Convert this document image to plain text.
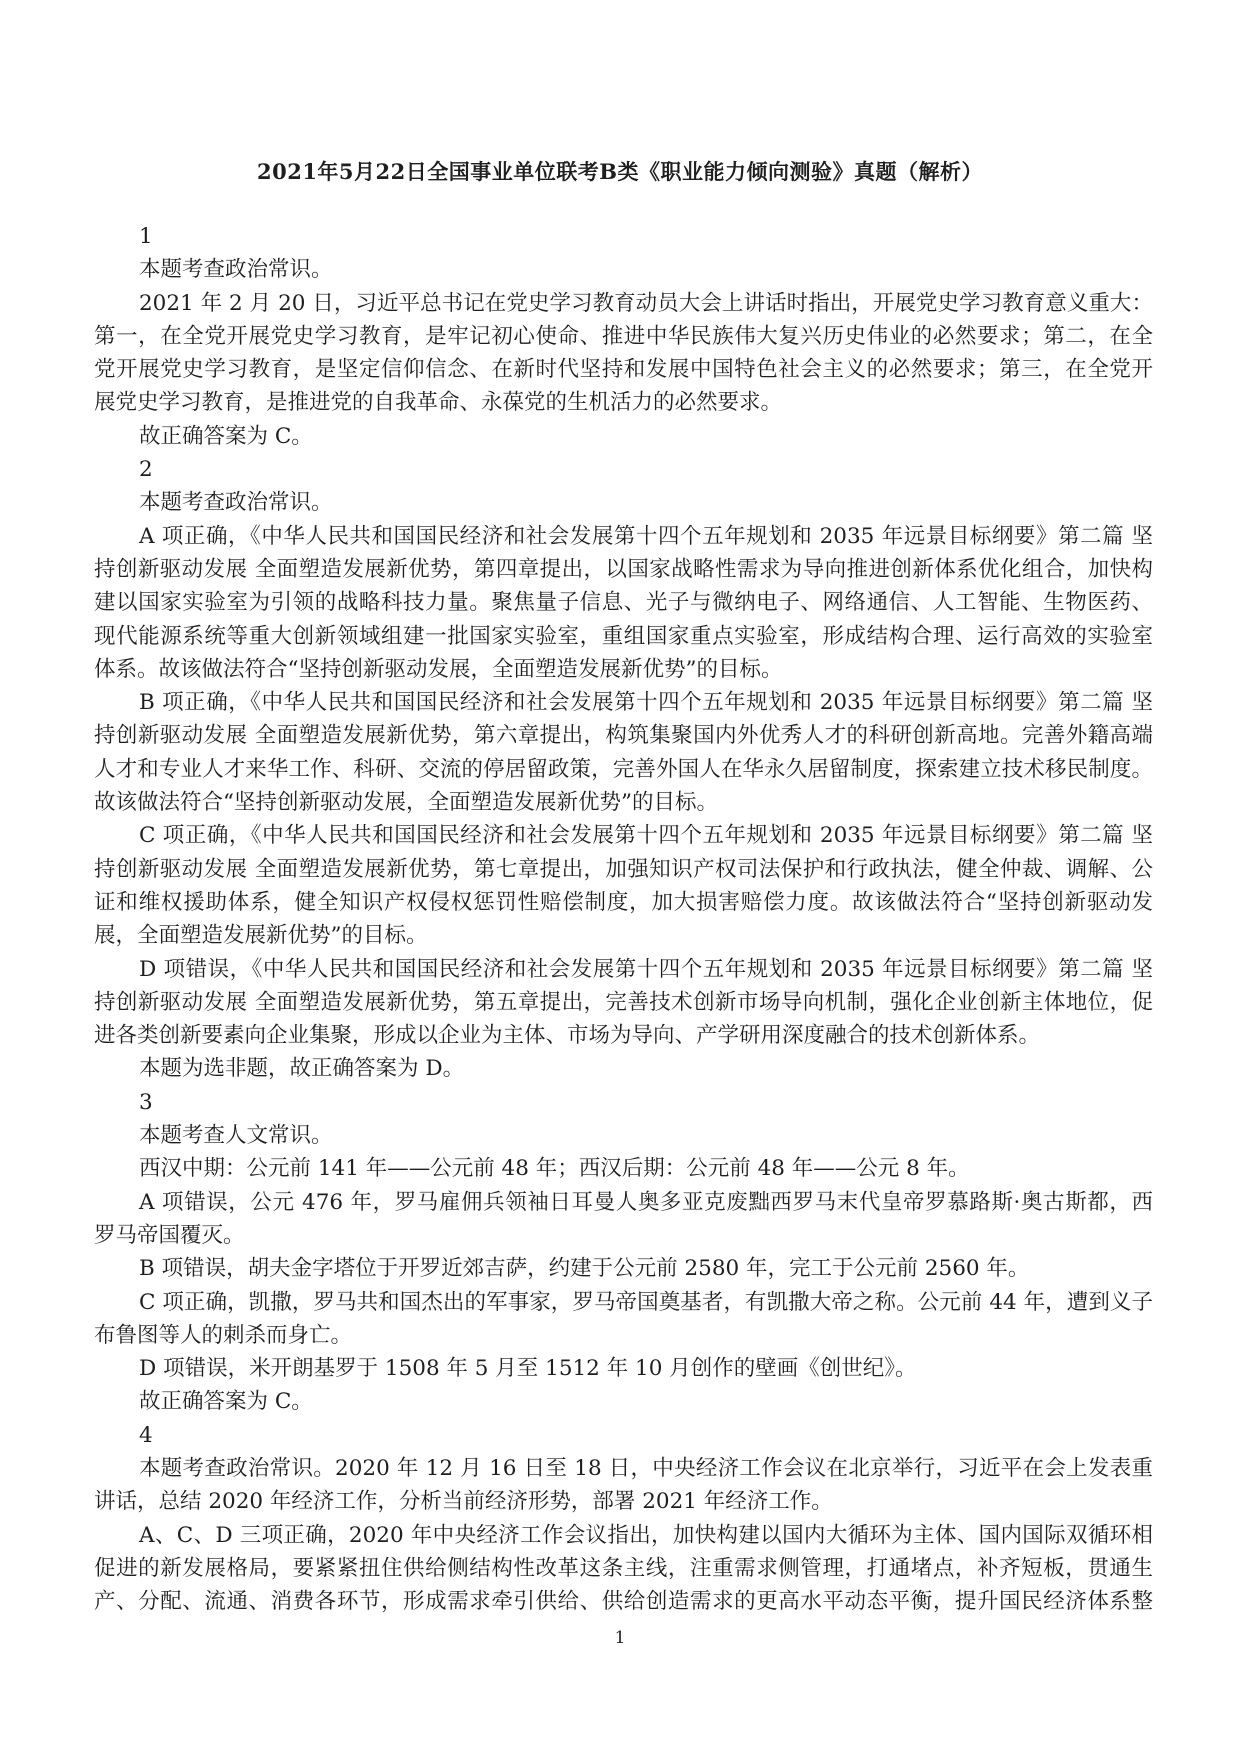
2021年5月22日全国事业单位联考B类《职业能力倾向测验》真题（解析）
1
本题考查政治常识。
2021 年 2 月 20 日，习近平总书记在党史学习教育动员大会上讲话时指出，开展党史学习教育意义重大：
第一，在全党开展党史学习教育，是牢记初心使命、推进中华民族伟大复兴历史伟业的必然要求；第二，在全
党开展党史学习教育，是坚定信仰信念、在新时代坚持和发展中国特色社会主义的必然要求；第三，在全党开
展党史学习教育，是推进党的自我革命、永葆党的生机活力的必然要求。
故正确答案为 C。
2
本题考查政治常识。
A 项正确，《中华人民共和国国民经济和社会发展第十四个五年规划和 2035 年远景目标纲要》第二篇 坚
持创新驱动发展 全面塑造发展新优势，第四章提出，以国家战略性需求为导向推进创新体系优化组合，加快构
建以国家实验室为引领的战略科技力量。聚焦量子信息、光子与微纳电子、网络通信、人工智能、生物医药、
现代能源系统等重大创新领域组建一批国家实验室，重组国家重点实验室，形成结构合理、运行高效的实验室
体系。故该做法符合“坚持创新驱动发展，全面塑造发展新优势”的目标。
B 项正确，《中华人民共和国国民经济和社会发展第十四个五年规划和 2035 年远景目标纲要》第二篇 坚
持创新驱动发展 全面塑造发展新优势，第六章提出，构筑集聚国内外优秀人才的科研创新高地。完善外籍高端
人才和专业人才来华工作、科研、交流的停居留政策，完善外国人在华永久居留制度，探索建立技术移民制度。
故该做法符合“坚持创新驱动发展，全面塑造发展新优势”的目标。
C 项正确，《中华人民共和国国民经济和社会发展第十四个五年规划和 2035 年远景目标纲要》第二篇 坚
持创新驱动发展 全面塑造发展新优势，第七章提出，加强知识产权司法保护和行政执法，健全仲裁、调解、公
证和维权援助体系，健全知识产权侵权惩罚性赔偿制度，加大损害赔偿力度。故该做法符合“坚持创新驱动发
展，全面塑造发展新优势”的目标。
D 项错误，《中华人民共和国国民经济和社会发展第十四个五年规划和 2035 年远景目标纲要》第二篇 坚
持创新驱动发展 全面塑造发展新优势，第五章提出，完善技术创新市场导向机制，强化企业创新主体地位，促
进各类创新要素向企业集聚，形成以企业为主体、市场为导向、产学研用深度融合的技术创新体系。
本题为选非题，故正确答案为 D。
3
本题考查人文常识。
西汉中期：公元前 141 年——公元前 48 年；西汉后期：公元前 48 年——公元 8 年。
A 项错误，公元 476 年，罗马雇佣兵领袖日耳曼人奥多亚克废黜西罗马末代皇帝罗慕路斯·奥古斯都，西
罗马帝国覆灭。
B 项错误，胡夫金字塔位于开罗近郊吉萨，约建于公元前 2580 年，完工于公元前 2560 年。
C 项正确，凯撒，罗马共和国杰出的军事家，罗马帝国奠基者，有凯撒大帝之称。公元前 44 年，遭到义子
布鲁图等人的刺杀而身亡。
D 项错误，米开朗基罗于 1508 年 5 月至 1512 年 10 月创作的壁画《创世纪》。
故正确答案为 C。
4
本题考查政治常识。2020 年 12 月 16 日至 18 日，中央经济工作会议在北京举行，习近平在会上发表重
讲话，总结 2020 年经济工作，分析当前经济形势，部署 2021 年经济工作。
A、C、D 三项正确，2020 年中央经济工作会议指出，加快构建以国内大循环为主体、国内国际双循环相
促进的新发展格局，要紧紧扭住供给侧结构性改革这条主线，注重需求侧管理，打通堵点，补齐短板，贯通生
产、分配、流通、消费各环节，形成需求牵引供给、供给创造需求的更高水平动态平衡，提升国民经济体系整
1
